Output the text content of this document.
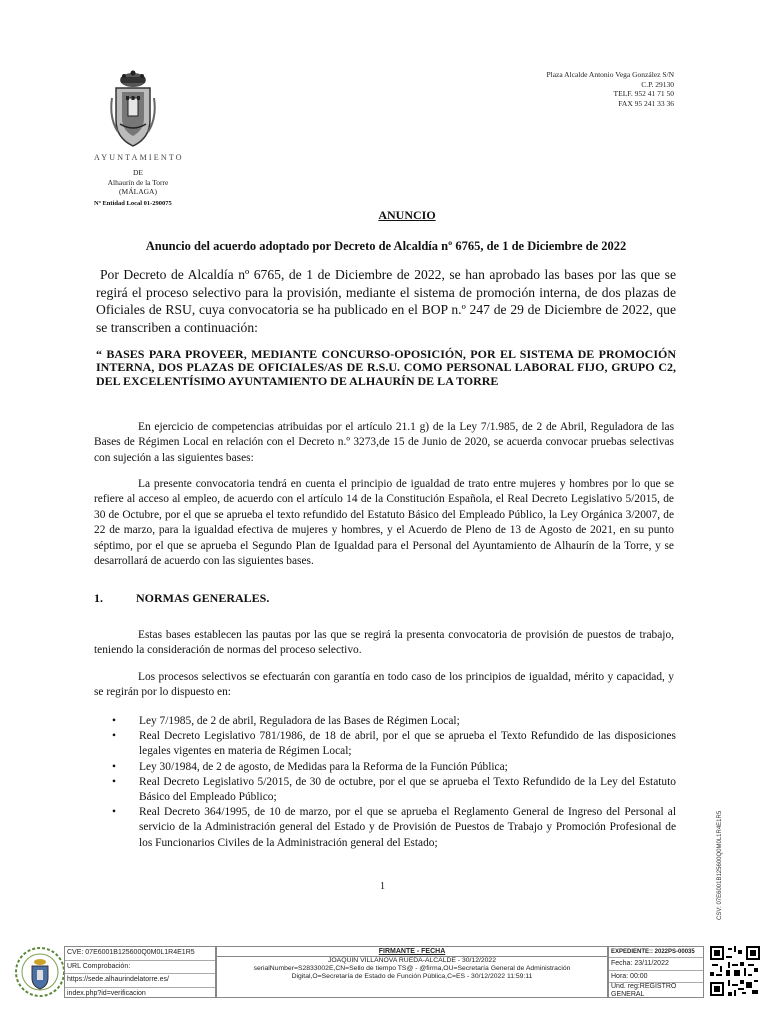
AYUNTAMIENTO
DE
Alhaurín de la Torre
(MÁLAGA)
Nº Entidad Local 01-290075
Plaza Alcalde Antonio Vega González S/N
C.P. 29130
TELF. 952 41 71 50
FAX 95 241 33 36
ANUNCIO
Anuncio del acuerdo adoptado por Decreto de Alcaldía nº 6765, de 1 de Diciembre de 2022
Por Decreto de Alcaldía nº 6765, de 1 de Diciembre de 2022, se han aprobado las bases por las que se regirá el proceso selectivo para la provisión, mediante el sistema de promoción interna, de dos plazas de Oficiales de RSU, cuya convocatoria se ha publicado en el BOP n.º 247 de 29 de Diciembre de 2022, que se transcriben a continuación:
“ BASES PARA PROVEER, MEDIANTE CONCURSO-OPOSICIÓN, POR EL SISTEMA DE PROMOCIÓN INTERNA, DOS PLAZAS DE OFICIALES/AS DE R.S.U. COMO PERSONAL LABORAL FIJO, GRUPO C2, DEL EXCELENTÍSIMO AYUNTAMIENTO DE ALHAURÍN DE LA TORRE

En ejercicio de competencias atribuidas por el artículo 21.1 g) de la Ley 7/1.985, de 2 de Abril, Reguladora de las Bases de Régimen Local en relación con el Decreto n.º 3273,de 15 de Junio de 2020, se acuerda convocar pruebas selectivas con sujeción a las siguientes bases:

La presente convocatoria tendrá en cuenta el principio de igualdad de trato entre mujeres y hombres por lo que se refiere al acceso al empleo, de acuerdo con el artículo 14 de la Constitución Española, el Real Decreto Legislativo 5/2015, de 30 de Octubre, por el que se aprueba el texto refundido del Estatuto Básico del Empleado Público, la Ley Orgánica 3/2007, de 22 de marzo, para la igualdad efectiva de mujeres y hombres, y el Acuerdo de Pleno de 13 de Agosto de 2021, en su punto séptimo, por el que se aprueba el Segundo Plan de Igualdad para el Personal del Ayuntamiento de Alhaurín de la Torre, y se desarrollará de acuerdo con las siguientes bases.

1.	NORMAS GENERALES.

Estas bases establecen las pautas por las que se regirá la presenta convocatoria de provisión de puestos de trabajo, teniendo la consideración de normas del proceso selectivo.

Los procesos selectivos se efectuarán con garantía en todo caso de los principios de igualdad, mérito y capacidad, y se regirán por lo dispuesto en:

• Ley 7/1985, de 2 de abril, Reguladora de las Bases de Régimen Local;
• Real Decreto Legislativo 781/1986, de 18 de abril, por el que se aprueba el Texto Refundido de las disposiciones legales vigentes en materia de Régimen Local;
• Ley 30/1984, de 2 de agosto, de Medidas para la Reforma de la Función Pública;
• Real Decreto Legislativo 5/2015, de 30 de octubre, por el que se aprueba el Texto Refundido de la Ley del Estatuto Básico del Empleado Público;
• Real Decreto 364/1995, de 10 de marzo, por el que se aprueba el Reglamento General de Ingreso del Personal al servicio de la Administración general del Estado y de Provisión de Puestos de Trabajo y Promoción Profesional de los Funcionarios Civiles de la Administración general del Estado;
1	CSV: 07E6001B125600Q0M0L1R4E1R5
CVE: 07E6001B125600Q0M0L1R4E1R5
URL Comprobación:
https://sede.alhaurindelatorre.es/
index.php?id=verificacion
FIRMANTE - FECHA
JOAQUIN VILLANOVA RUEDA-ALCALDE - 30/12/2022
serialNumber=S2833002E,CN=Sello de tiempo TS@ - @firma,OU=Secretaría General de Administración
Digital,O=Secretaría de Estado de Función Pública,C=ES - 30/12/2022 11:59:11
EXPEDIENTE:: 2022PS-00035
Fecha: 23/11/2022
Hora: 00:00
Und. reg:REGISTRO GENERAL
